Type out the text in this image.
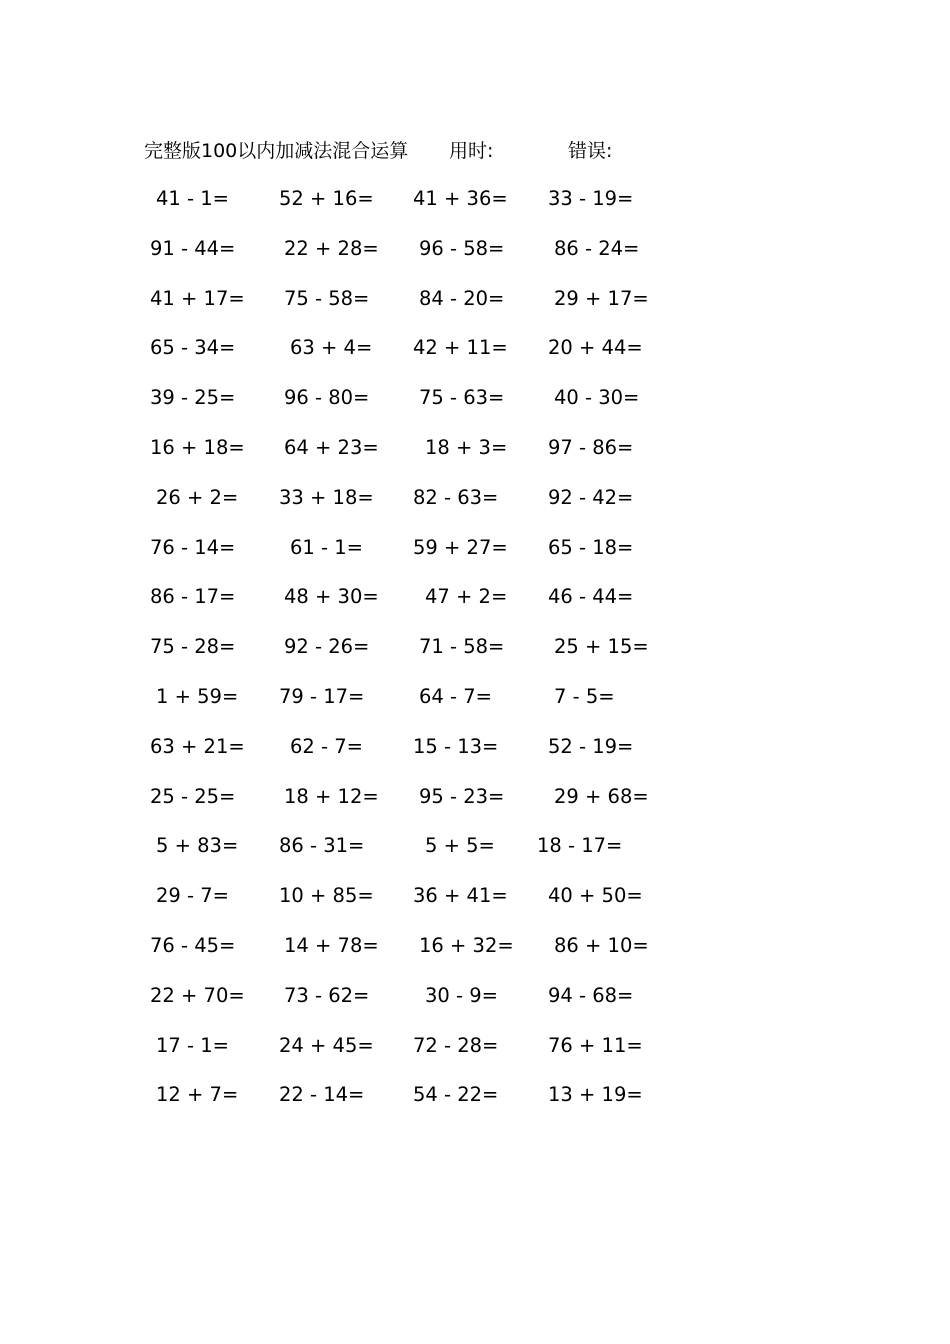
完整版100以内加减法混合运算 用时:	错误:
41 - 1=	52 + 16= 41 + 36= 33 - 19=
91 - 44= 22 + 28= 96 - 58=	86 - 24=
41 + 17= 75 - 58=	84 - 20=	29 + 17=
65 - 34=	63 + 4= 42 + 11= 20 + 44=
39 - 25= 96 - 80=	75 - 63=	40 - 30=
16 + 18= 64 + 23= 18 + 3= 97 - 86=
26 + 2= 33 + 18= 82 - 63=	92 - 42=
76 - 14=	61 - 1=	59 + 27= 65 - 18=
86 - 17= 48 + 30= 47 + 2= 46 - 44=
75 - 28= 92 - 26=	71 - 58=	25 + 15=
1 + 59= 79 - 17=	64 - 7=	7 - 5=
63 + 21= 62 - 7=	15 - 13=	52 - 19=
25 - 25= 18 + 12= 95 - 23=	29 + 68=
5 + 83= 86 - 31=	5 + 5= 18 - 17=
29 - 7=	10 + 85= 36 + 41= 40 + 50=
76 - 45= 14 + 78= 16 + 32= 86 + 10=
22 + 70= 73 - 62=	30 - 9=	94 - 68=
17 - 1=	24 + 45= 72 - 28=	76 + 11=
12 + 7= 22 - 14= 54 - 22=	13 + 19=
